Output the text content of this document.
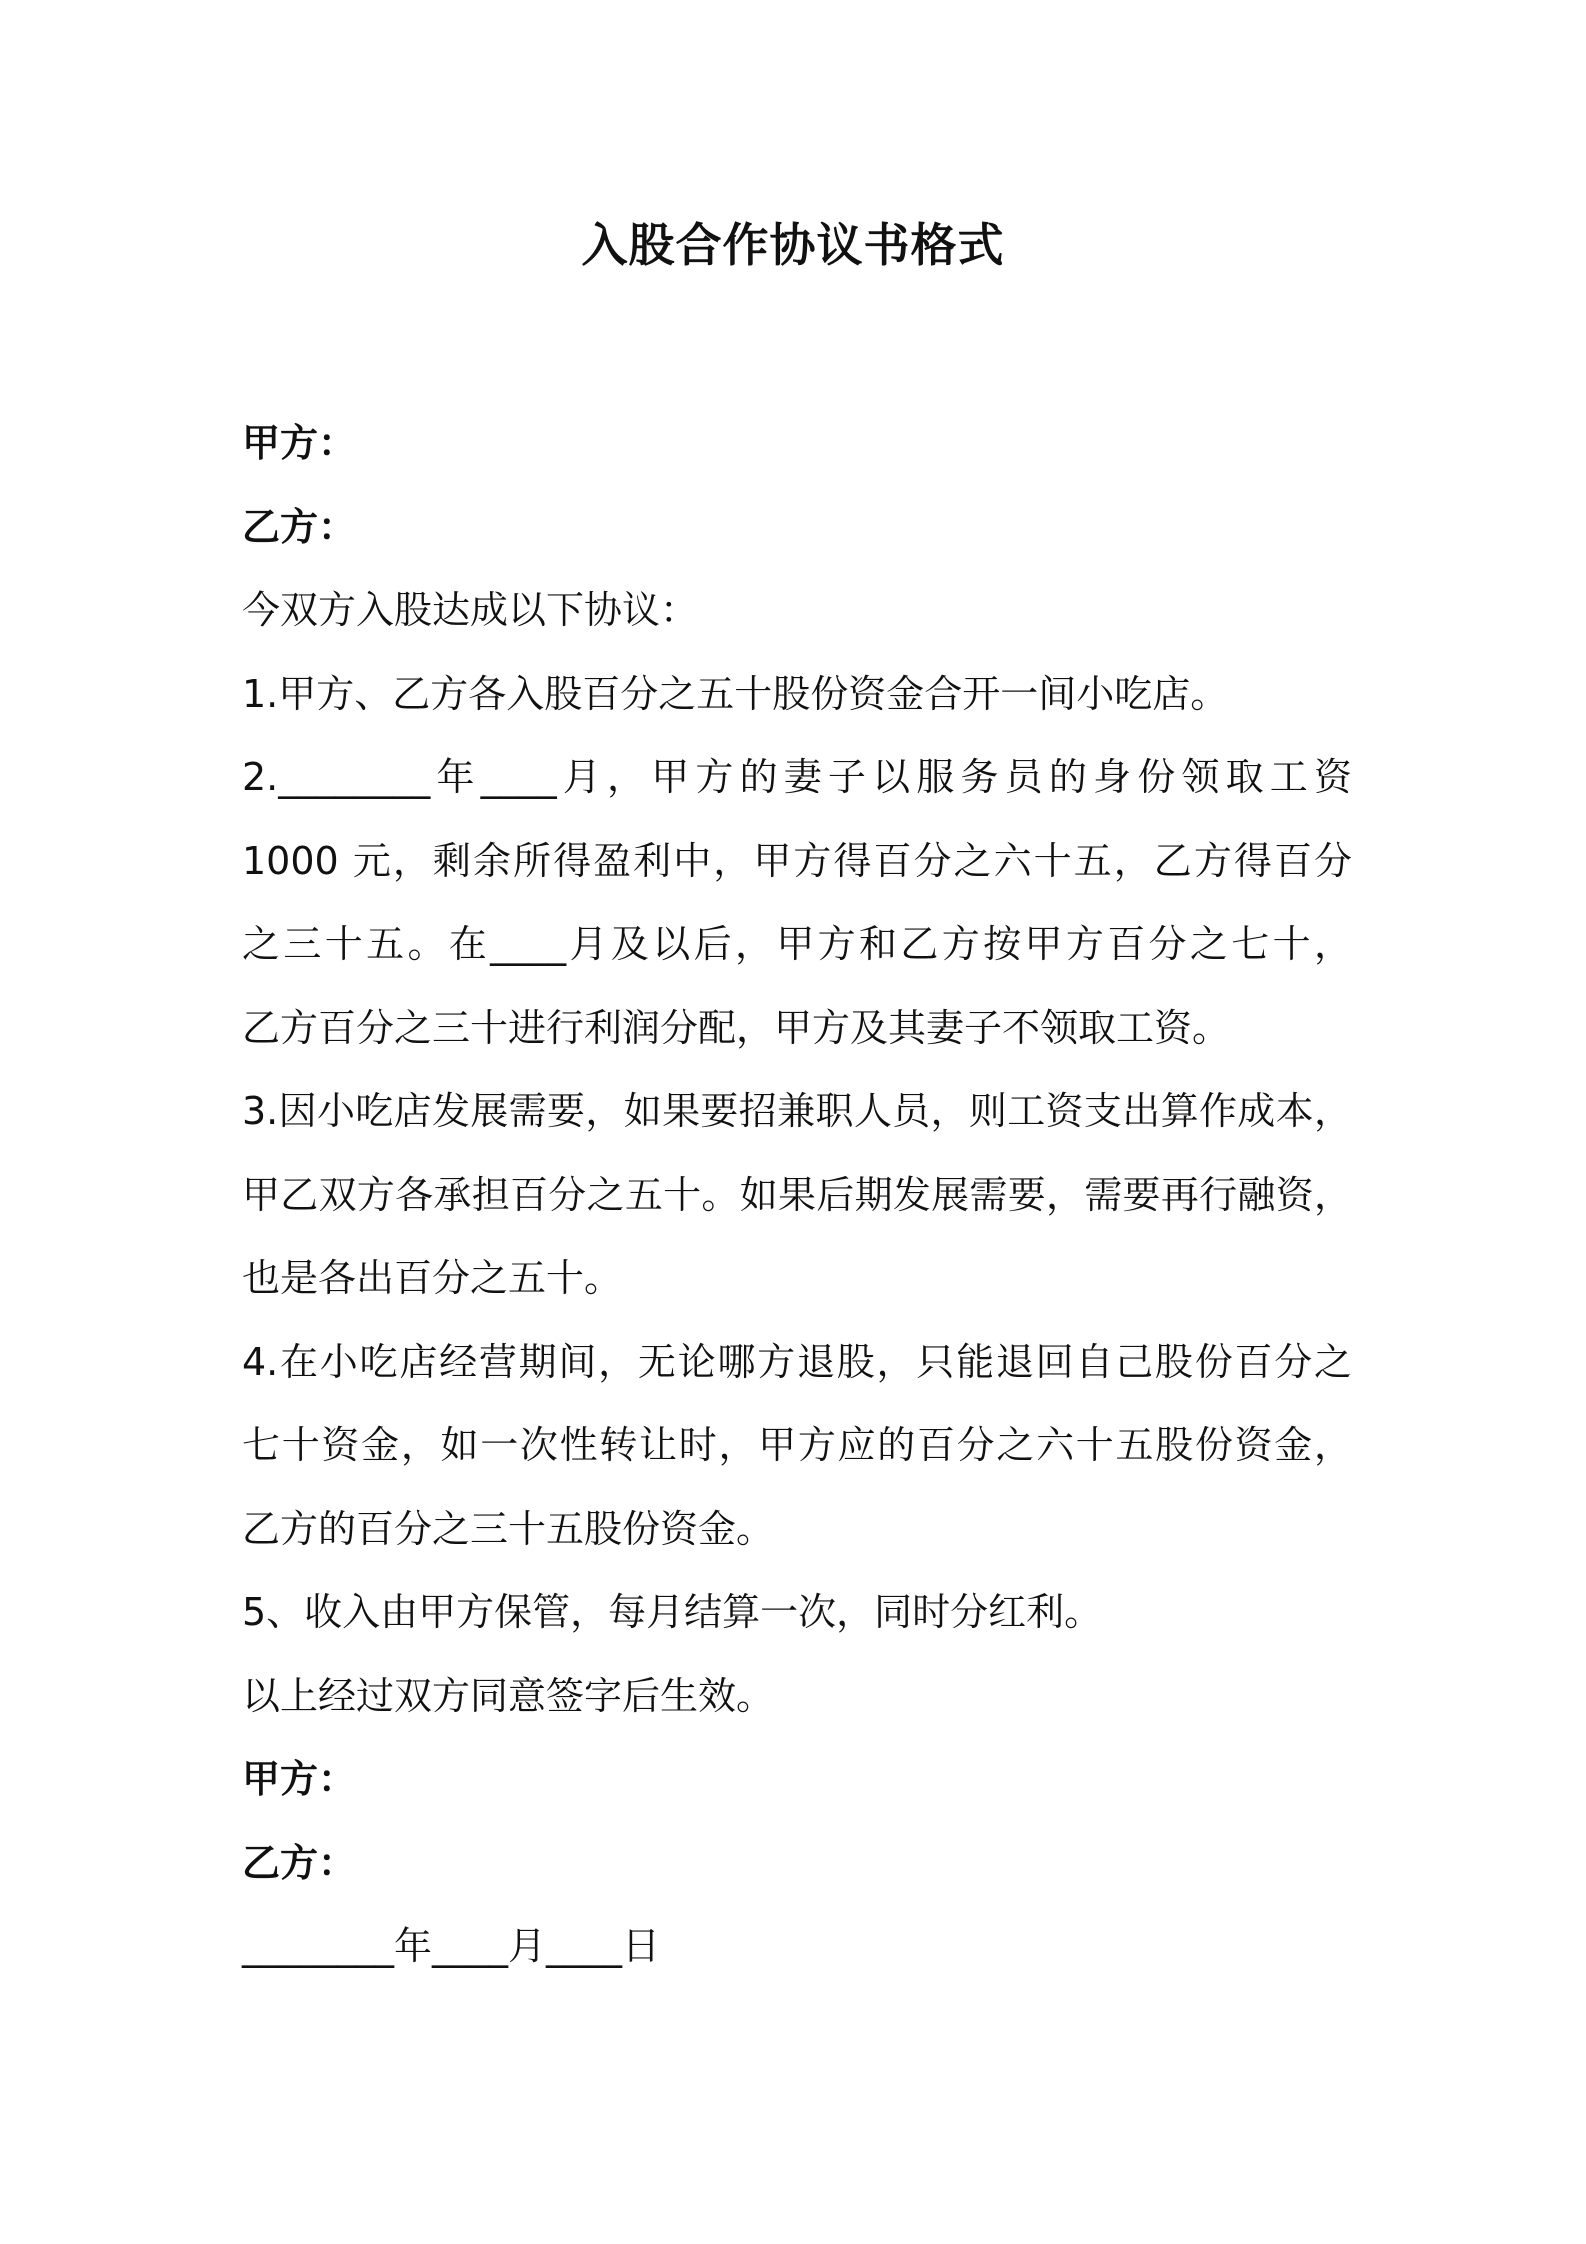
入股合作协议书格式
甲方：
乙方：
今双方入股达成以下协议：
1.甲方、乙方各入股百分之五十股份资金合开一间小吃店。
2.________年____月，甲方的妻子以服务员的身份领取工资
1000 元，剩余所得盈利中，甲方得百分之六十五，乙方得百分
之三十五。在____月及以后，甲方和乙方按甲方百分之七十，
乙方百分之三十进行利润分配，甲方及其妻子不领取工资。
3.因小吃店发展需要，如果要招兼职人员，则工资支出算作成本，
甲乙双方各承担百分之五十。如果后期发展需要，需要再行融资，
也是各出百分之五十。
4.在小吃店经营期间，无论哪方退股，只能退回自己股份百分之
七十资金，如一次性转让时，甲方应的百分之六十五股份资金，
乙方的百分之三十五股份资金。
5、收入由甲方保管，每月结算一次，同时分红利。
以上经过双方同意签字后生效。
甲方：
乙方：
________年____月____日
